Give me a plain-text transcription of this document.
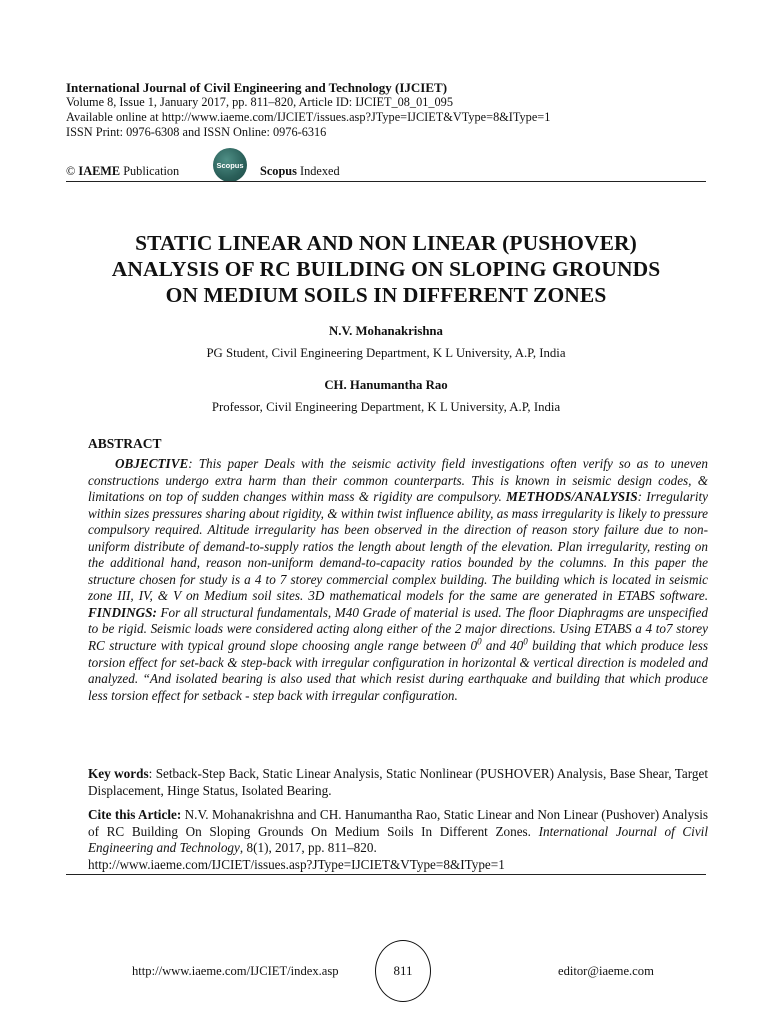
International Journal of Civil Engineering and Technology (IJCIET)
Volume 8, Issue 1, January 2017, pp. 811–820, Article ID: IJCIET_08_01_095
Available online at http://www.iaeme.com/IJCIET/issues.asp?JType=IJCIET&VType=8&IType=1
ISSN Print: 0976-6308 and ISSN Online: 0976-6316
© IAEME Publication	Scopus Scopus Indexed
STATIC LINEAR AND NON LINEAR (PUSHOVER)
ANALYSIS OF RC BUILDING ON SLOPING GROUNDS
ON MEDIUM SOILS IN DIFFERENT ZONES
N.V. Mohanakrishna
PG Student, Civil Engineering Department, K L University, A.P, India
CH. Hanumantha Rao
Professor, Civil Engineering Department, K L University, A.P, India
ABSTRACT

OBJECTIVE: This paper Deals with the seismic activity field investigations often verify so as to uneven constructions undergo extra harm than their common counterparts. This is known in seismic design codes, & limitations on top of sudden changes within mass & rigidity are compulsory. METHODS/ANALYSIS: Irregularity within sizes pressures sharing about rigidity, & within twist influence ability, as mass irregularity is likely to pressure compulsory required. Altitude irregularity has been observed in the direction of reason story failure due to non-uniform distribute of demand-to-supply ratios the length about length of the elevation. Plan irregularity, resting on the additional hand, reason non-uniform demand-to-capacity ratios bounded by the columns. In this paper the structure chosen for study is a 4 to 7 storey commercial complex building. The building which is located in seismic zone III, IV, & V on Medium soil sites. 3D mathematical models for the same are generated in ETABS software. FINDINGS: For all structural fundamentals, M40 Grade of material is used. The floor Diaphragms are unspecified to be rigid. Seismic loads were considered acting along either of the 2 major directions. Using ETABS a 4 to7 storey RC structure with typical ground slope choosing angle range between $0^0$ and $40^0$ building that which produce less torsion effect for set-back & step-back with irregular configuration in horizontal & vertical direction is modeled and analyzed. “And isolated bearing is also used that which resist during earthquake and building that which produce less torsion effect for setback - step back with irregular configuration.

Key words: Setback-Step Back, Static Linear Analysis, Static Nonlinear (PUSHOVER) Analysis, Base Shear, Target Displacement, Hinge Status, Isolated Bearing.

Cite this Article: N.V. Mohanakrishna and CH. Hanumantha Rao, Static Linear and Non Linear (Pushover) Analysis of RC Building On Sloping Grounds On Medium Soils In Different Zones. International Journal of Civil Engineering and Technology, 8(1), 2017, pp. 811–820.
http://www.iaeme.com/IJCIET/issues.asp?JType=IJCIET&VType=8&IType=1

http://www.iaeme.com/IJCIET/index.asp	811	editor@iaeme.com
